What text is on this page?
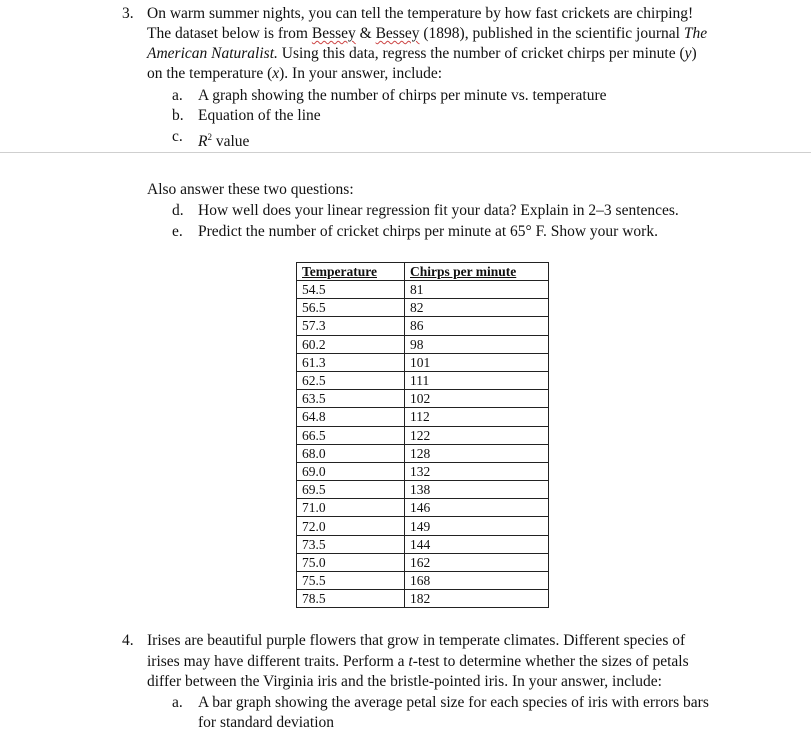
3. On warm summer nights, you can tell the temperature by how fast crickets are chirping!
The dataset below is from Bessey & Bessey (1898), published in the scientific journal The
American Naturalist. Using this data, regress the number of cricket chirps per minute (y)
on the temperature (x). In your answer, include:
a. A graph showing the number of chirps per minute vs. temperature
b. Equation of the line
c. $R^2$ value
Also answer these two questions:
d. How well does your linear regression fit your data? Explain in 2–3 sentences.
e. Predict the number of cricket chirps per minute at 65° F. Show your work.
Temperature	Chirps per minute
54.5	81
56.5	82
57.3	86
60.2	98
61.3	101
62.5	111
63.5	102
64.8	112
66.5	122
68.0	128
69.0	132
69.5	138
71.0	146
72.0	149
73.5	144
75.0	162
75.5	168
78.5	182
4. Irises are beautiful purple flowers that grow in temperate climates. Different species of
irises may have different traits. Perform a t-test to determine whether the sizes of petals
differ between the Virginia iris and the bristle-pointed iris. In your answer, include:
a. A bar graph showing the average petal size for each species of iris with errors bars
for standard deviation
